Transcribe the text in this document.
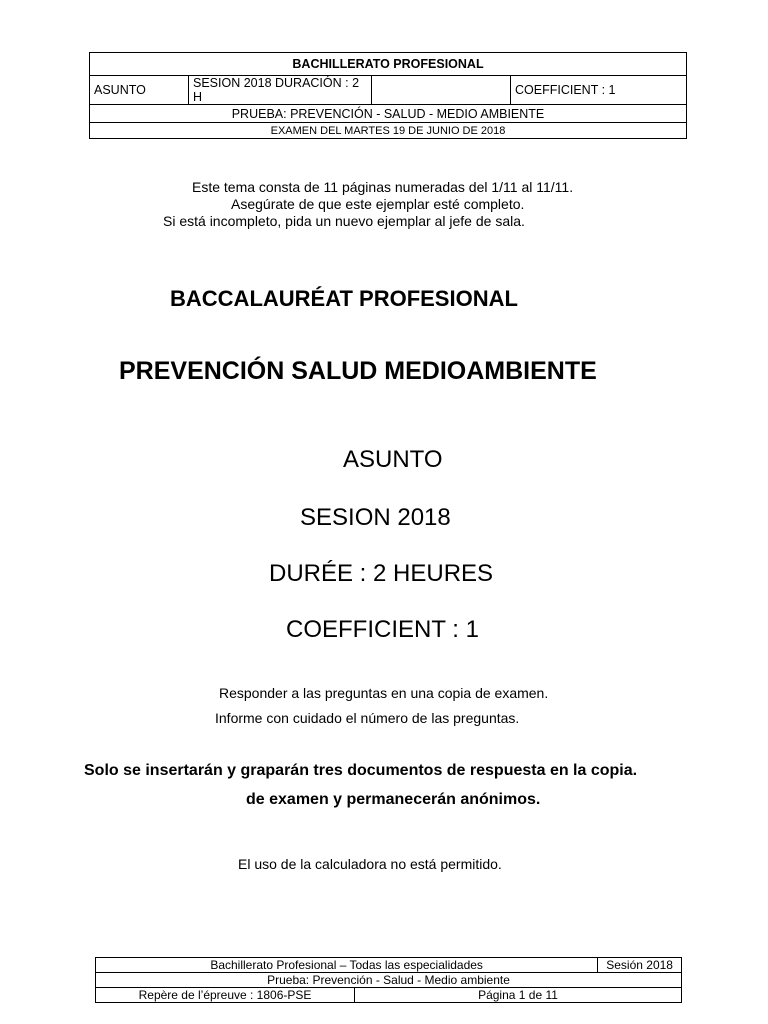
BACHILLERATO PROFESIONAL
ASUNTO	SESION 2018 DURACIÓN : 2 H		COEFFICIENT : 1
PRUEBA: PREVENCIÓN - SALUD - MEDIO AMBIENTE
EXAMEN DEL MARTES 19 DE JUNIO DE 2018
Este tema consta de 11 páginas numeradas del 1/11 al 11/11.
Asegúrate de que este ejemplar esté completo.
Si está incompleto, pida un nuevo ejemplar al jefe de sala.
BACCALAURÉAT PROFESIONAL
PREVENCIÓN SALUD MEDIOAMBIENTE
ASUNTO
SESION 2018
DURÉE : 2 HEURES
COEFFICIENT : 1
Responder a las preguntas en una copia de examen.
Informe con cuidado el número de las preguntas.
Solo se insertarán y graparán tres documentos de respuesta en la copia.
de examen y permanecerán anónimos.
El uso de la calculadora no está permitido.
Bachillerato Profesional – Todas las especialidades		Sesión 2018
Prueba: Prevención - Salud - Medio ambiente		
Repère de l’épreuve : 1806-PSE	Página 1 de 11	
